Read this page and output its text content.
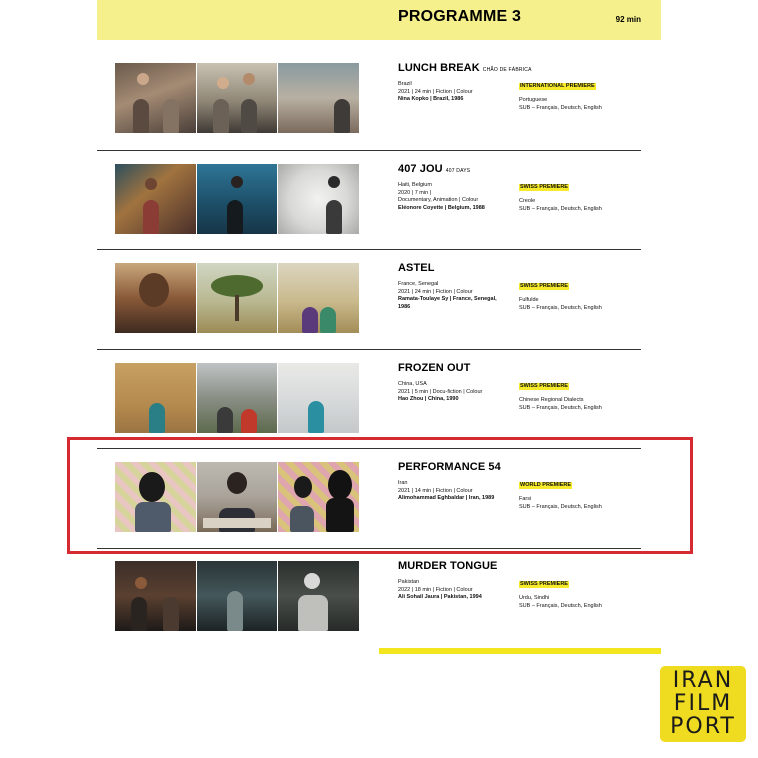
PROGRAMME 3	92 min
LUNCH BREAK CHÃO DE FÁBRICA
Brazil
2021 | 24 min | Fiction | Colour
Nina Kopko | Brazil, 1986
INTERNATIONAL PREMIERE
Portuguese
SUB – Français, Deutsch, English
407 JOU 407 DAYS
Haiti, Belgium
2020 | 7 min |
Documentary, Animation | Colour
Eléonore Coyette | Belgium, 1988
SWISS PREMIERE
Creole
SUB – Français, Deutsch, English
ASTEL
France, Senegal
2021 | 24 min | Fiction | Colour
Ramata-Toulaye Sy | France, Senegal, 1986
SWISS PREMIERE
Fulfulde
SUB – Français, Deutsch, English
FROZEN OUT
China, USA
2021 | 5 min | Docu-fiction | Colour
Hao Zhou | China, 1990
SWISS PREMIERE
Chinese Regional Dialects
SUB – Français, Deutsch, English
PERFORMANCE 54
Iran
2021 | 14 min | Fiction | Colour
Alimohammad Eghbaldar | Iran, 1989
WORLD PREMIERE
Farsi
SUB – Français, Deutsch, English
MURDER TONGUE
Pakistan
2022 | 18 min | Fiction | Colour
Ali Sohail Jaura | Pakistan, 1994
SWISS PREMIERE
Urdu, Sindhi
SUB – Français, Deutsch, English
IRAN
FILM
PORT
